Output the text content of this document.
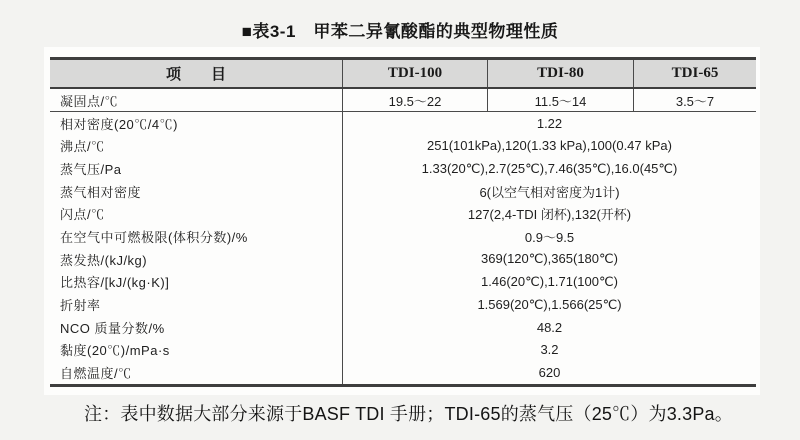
■表3-1　甲苯二异氰酸酯的典型物理性质
项　　目	TDI-100	TDI-80	TDI-65
凝固点/℃	19.5～22	11.5～14	3.5～7
相对密度(20℃/4℃)	1.22
沸点/℃	251(101kPa),120(1.33 kPa),100(0.47 kPa)
蒸气压/Pa	1.33(20℃),2.7(25℃),7.46(35℃),16.0(45℃)
蒸气相对密度	6(以空气相对密度为1计)
闪点/℃	127(2,4-TDI 闭杯),132(开杯)
在空气中可燃极限(体积分数)/%	0.9～9.5
蒸发热/(kJ/kg)	369(120℃),365(180℃)
比热容/[kJ/(kg·K)]	1.46(20℃),1.71(100℃)
折射率	1.569(20℃),1.566(25℃)
NCO 质量分数/%	48.2
黏度(20℃)/mPa·s	3.2
自燃温度/℃	620
注：表中数据大部分来源于BASF TDI 手册；TDI-65的蒸气压（25℃）为3.3Pa。
